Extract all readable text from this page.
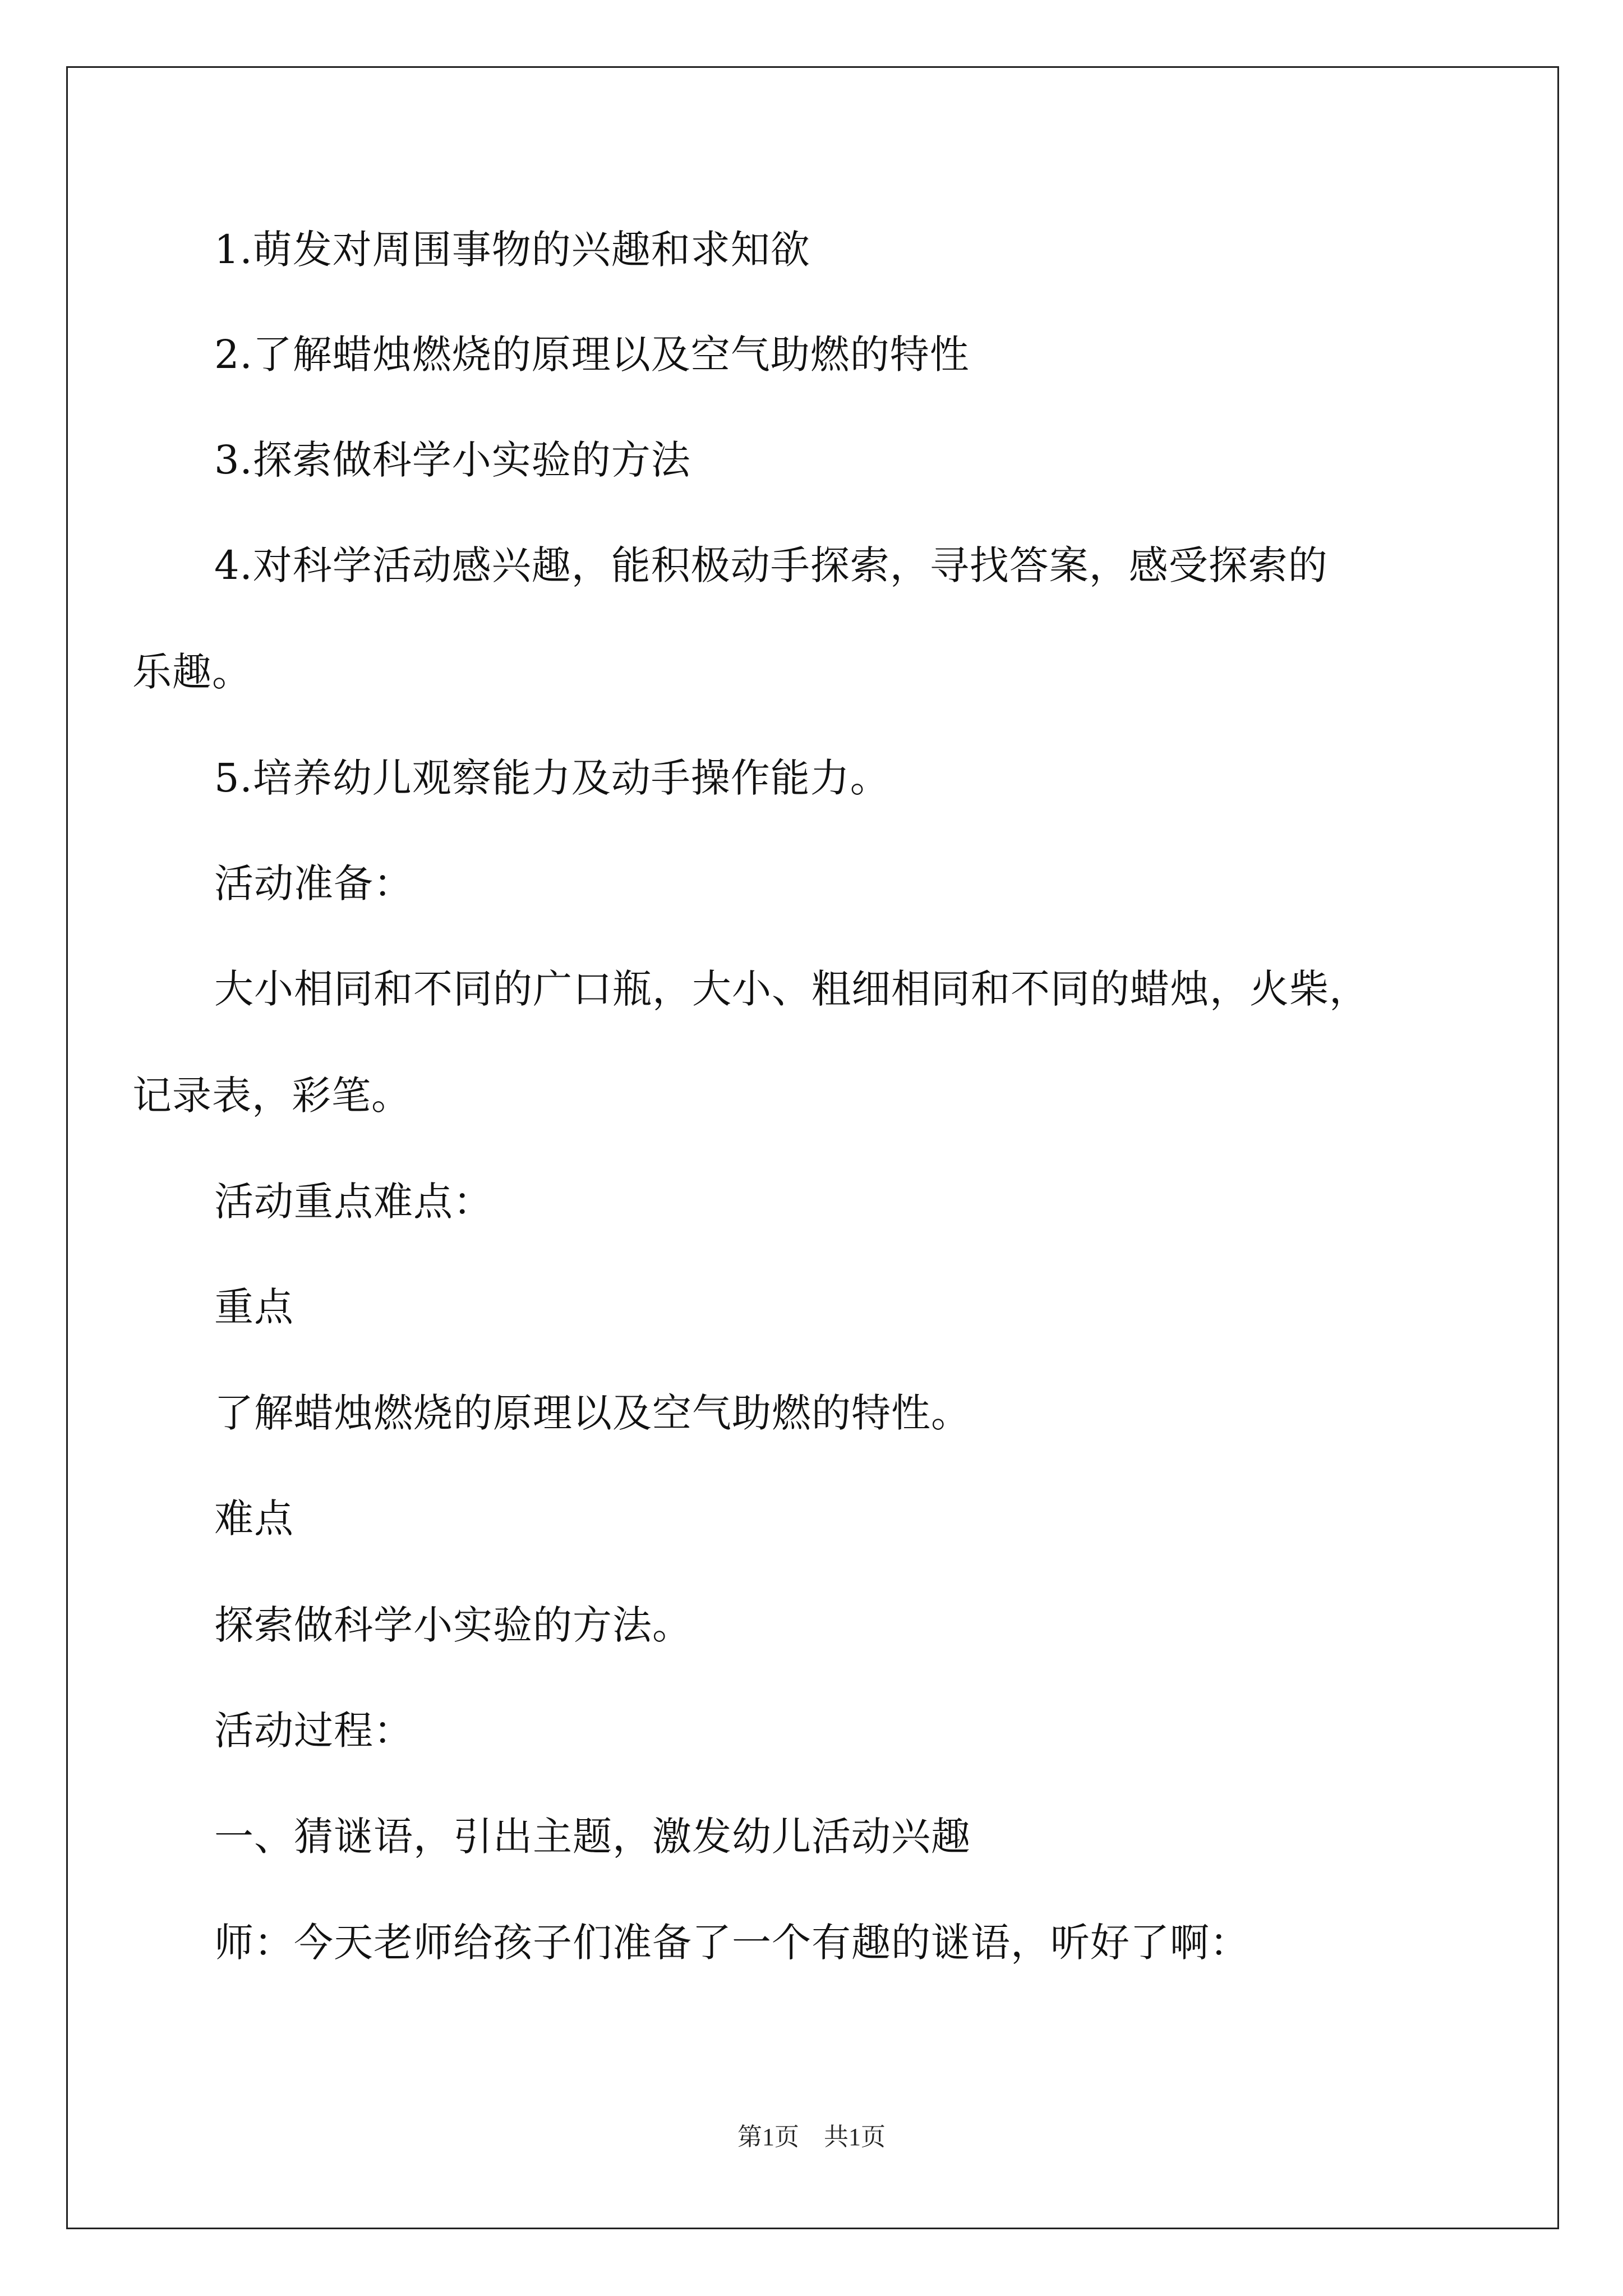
1.萌发对周围事物的兴趣和求知欲

2.了解蜡烛燃烧的原理以及空气助燃的特性

3.探索做科学小实验的方法

4.对科学活动感兴趣，能积极动手探索，寻找答案，感受探索的

乐趣。

5.培养幼儿观察能力及动手操作能力。

活动准备：

大小相同和不同的广口瓶，大小、粗细相同和不同的蜡烛，火柴，

记录表，彩笔。

活动重点难点：

重点

了解蜡烛燃烧的原理以及空气助燃的特性。

难点

探索做科学小实验的方法。

活动过程：

一、猜谜语，引出主题，激发幼儿活动兴趣

师：今天老师给孩子们准备了一个有趣的谜语，听好了啊：

第1页　共1页
